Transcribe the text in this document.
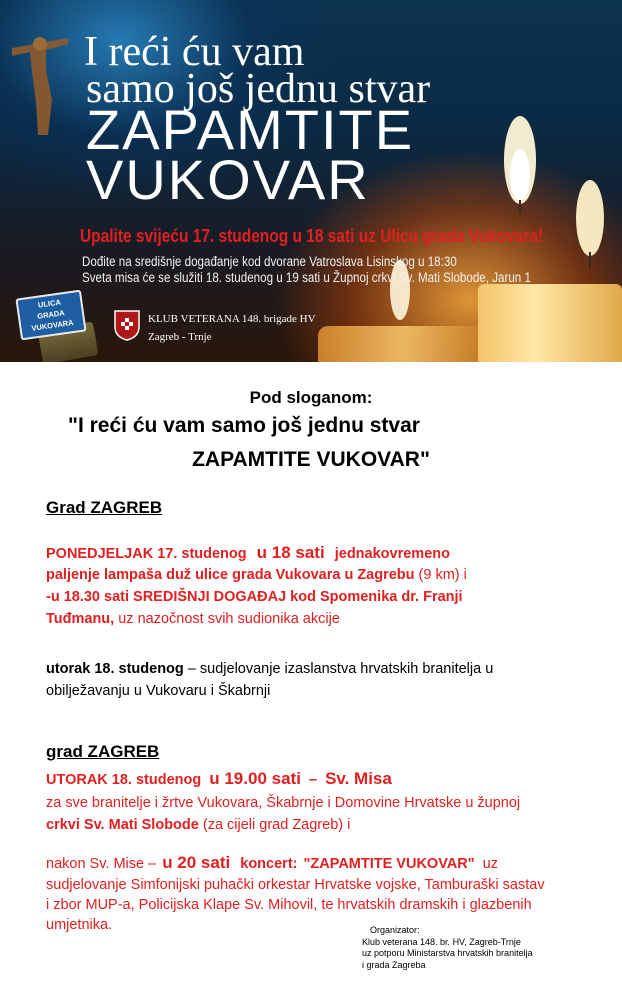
I reći ću vam
samo još jednu stvar
ZAPAMTITE
VUKOVAR
Upalite svijeću 17. studenog u 18 sati uz Ulicu grada Vukovara!
Dođite na središnje događanje kod dvorane Vatroslava Lisinskog u 18:30
Sveta misa će se služiti 18. studenog u 19 sati u Župnoj crkvi Sv. Mati Slobode, Jarun 1
KLUB VETERANA 148. brigade HV
Zagreb - Trnje
ULICA
GRADA
VUKOVARA
Pod sloganom:
"I reći ću vam samo još jednu stvar
ZAPAMTITE VUKOVAR"
Grad ZAGREB
PONEDJELJAK 17. studenog u 18 sati jednakovremeno
paljenje lampaša duž ulice grada Vukovara u Zagrebu (9 km) i
-u 18.30 sati SREDIŠNJI DOGAĐAJ kod Spomenika dr. Franji
Tuđmanu, uz nazočnost svih sudionika akcije
utorak 18. studenog – sudjelovanje izaslanstva hrvatskih branitelja u
obilježavanju u Vukovaru i Škabrnji
grad ZAGREB
UTORAK 18. studenog u 19.00 sati – Sv. Misa
za sve branitelje i žrtve Vukovara, Škabrnje i Domovine Hrvatske u župnoj
crkvi Sv. Mati Slobode (za cijeli grad Zagreb) i
nakon Sv. Mise – u 20 sati koncert: "ZAPAMTITE VUKOVAR" uz
sudjelovanje Simfonijski puhački orkestar Hrvatske vojske, Tamburaški sastav
i zbor MUP-a, Policijska Klape Sv. Mihovil, te hrvatskih dramskih i glazbenih
umjetnika.	Organizator:
Klub veterana 148. br. HV, Zagreb-Trnje
uz potporu Ministarstva hrvatskih branitelja
i grada Zagreba
